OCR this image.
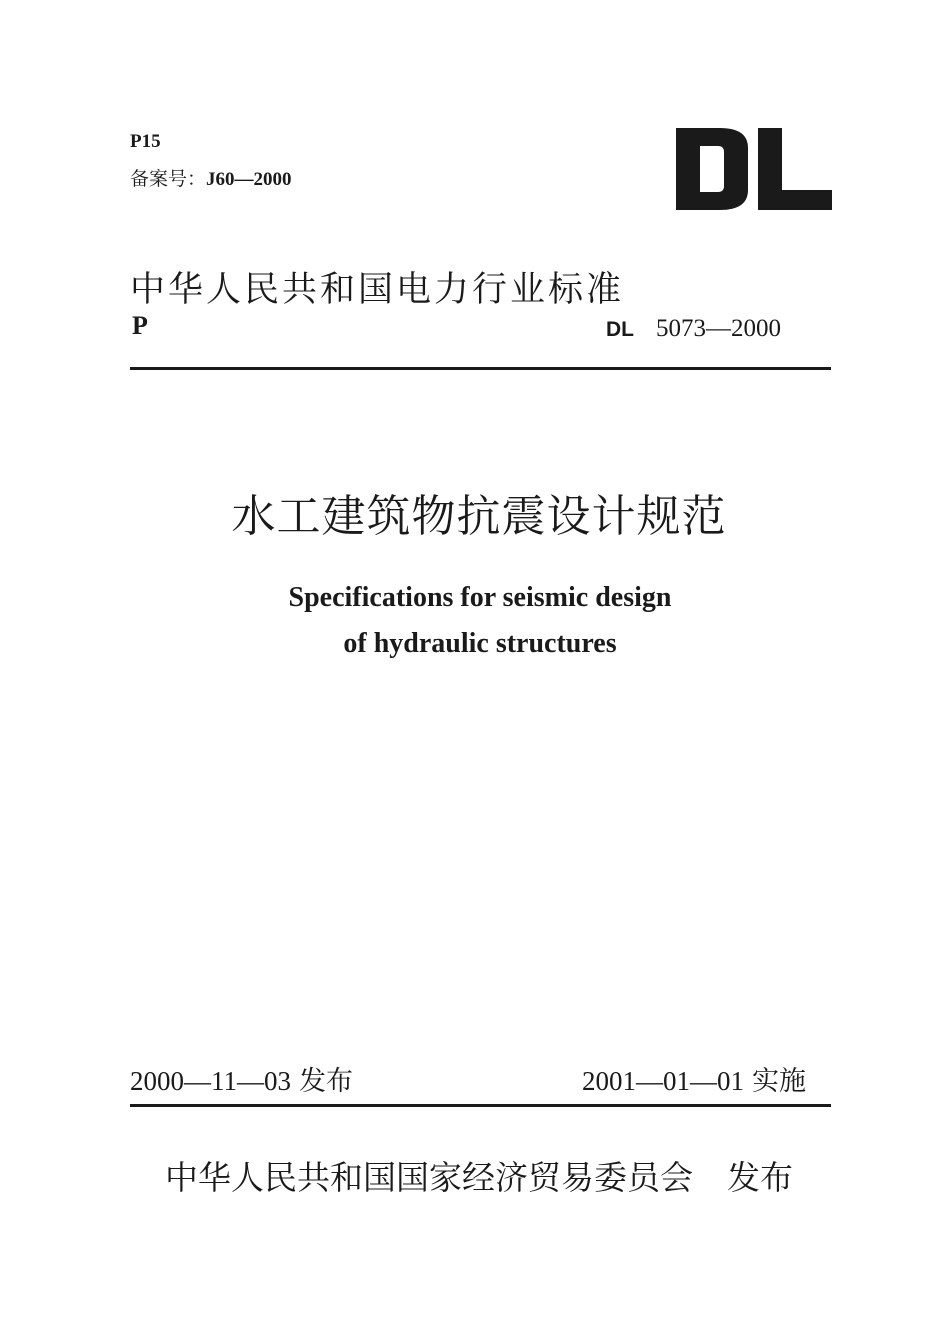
P15
备案号：J60—2000
中华人民共和国电力行业标准
P	DL 5073—2000
水工建筑物抗震设计规范
Specifications for seismic design
of hydraulic structures
2000—11—03 发布	2001—01—01 实施
中华人民共和国国家经济贸易委员会 发布
